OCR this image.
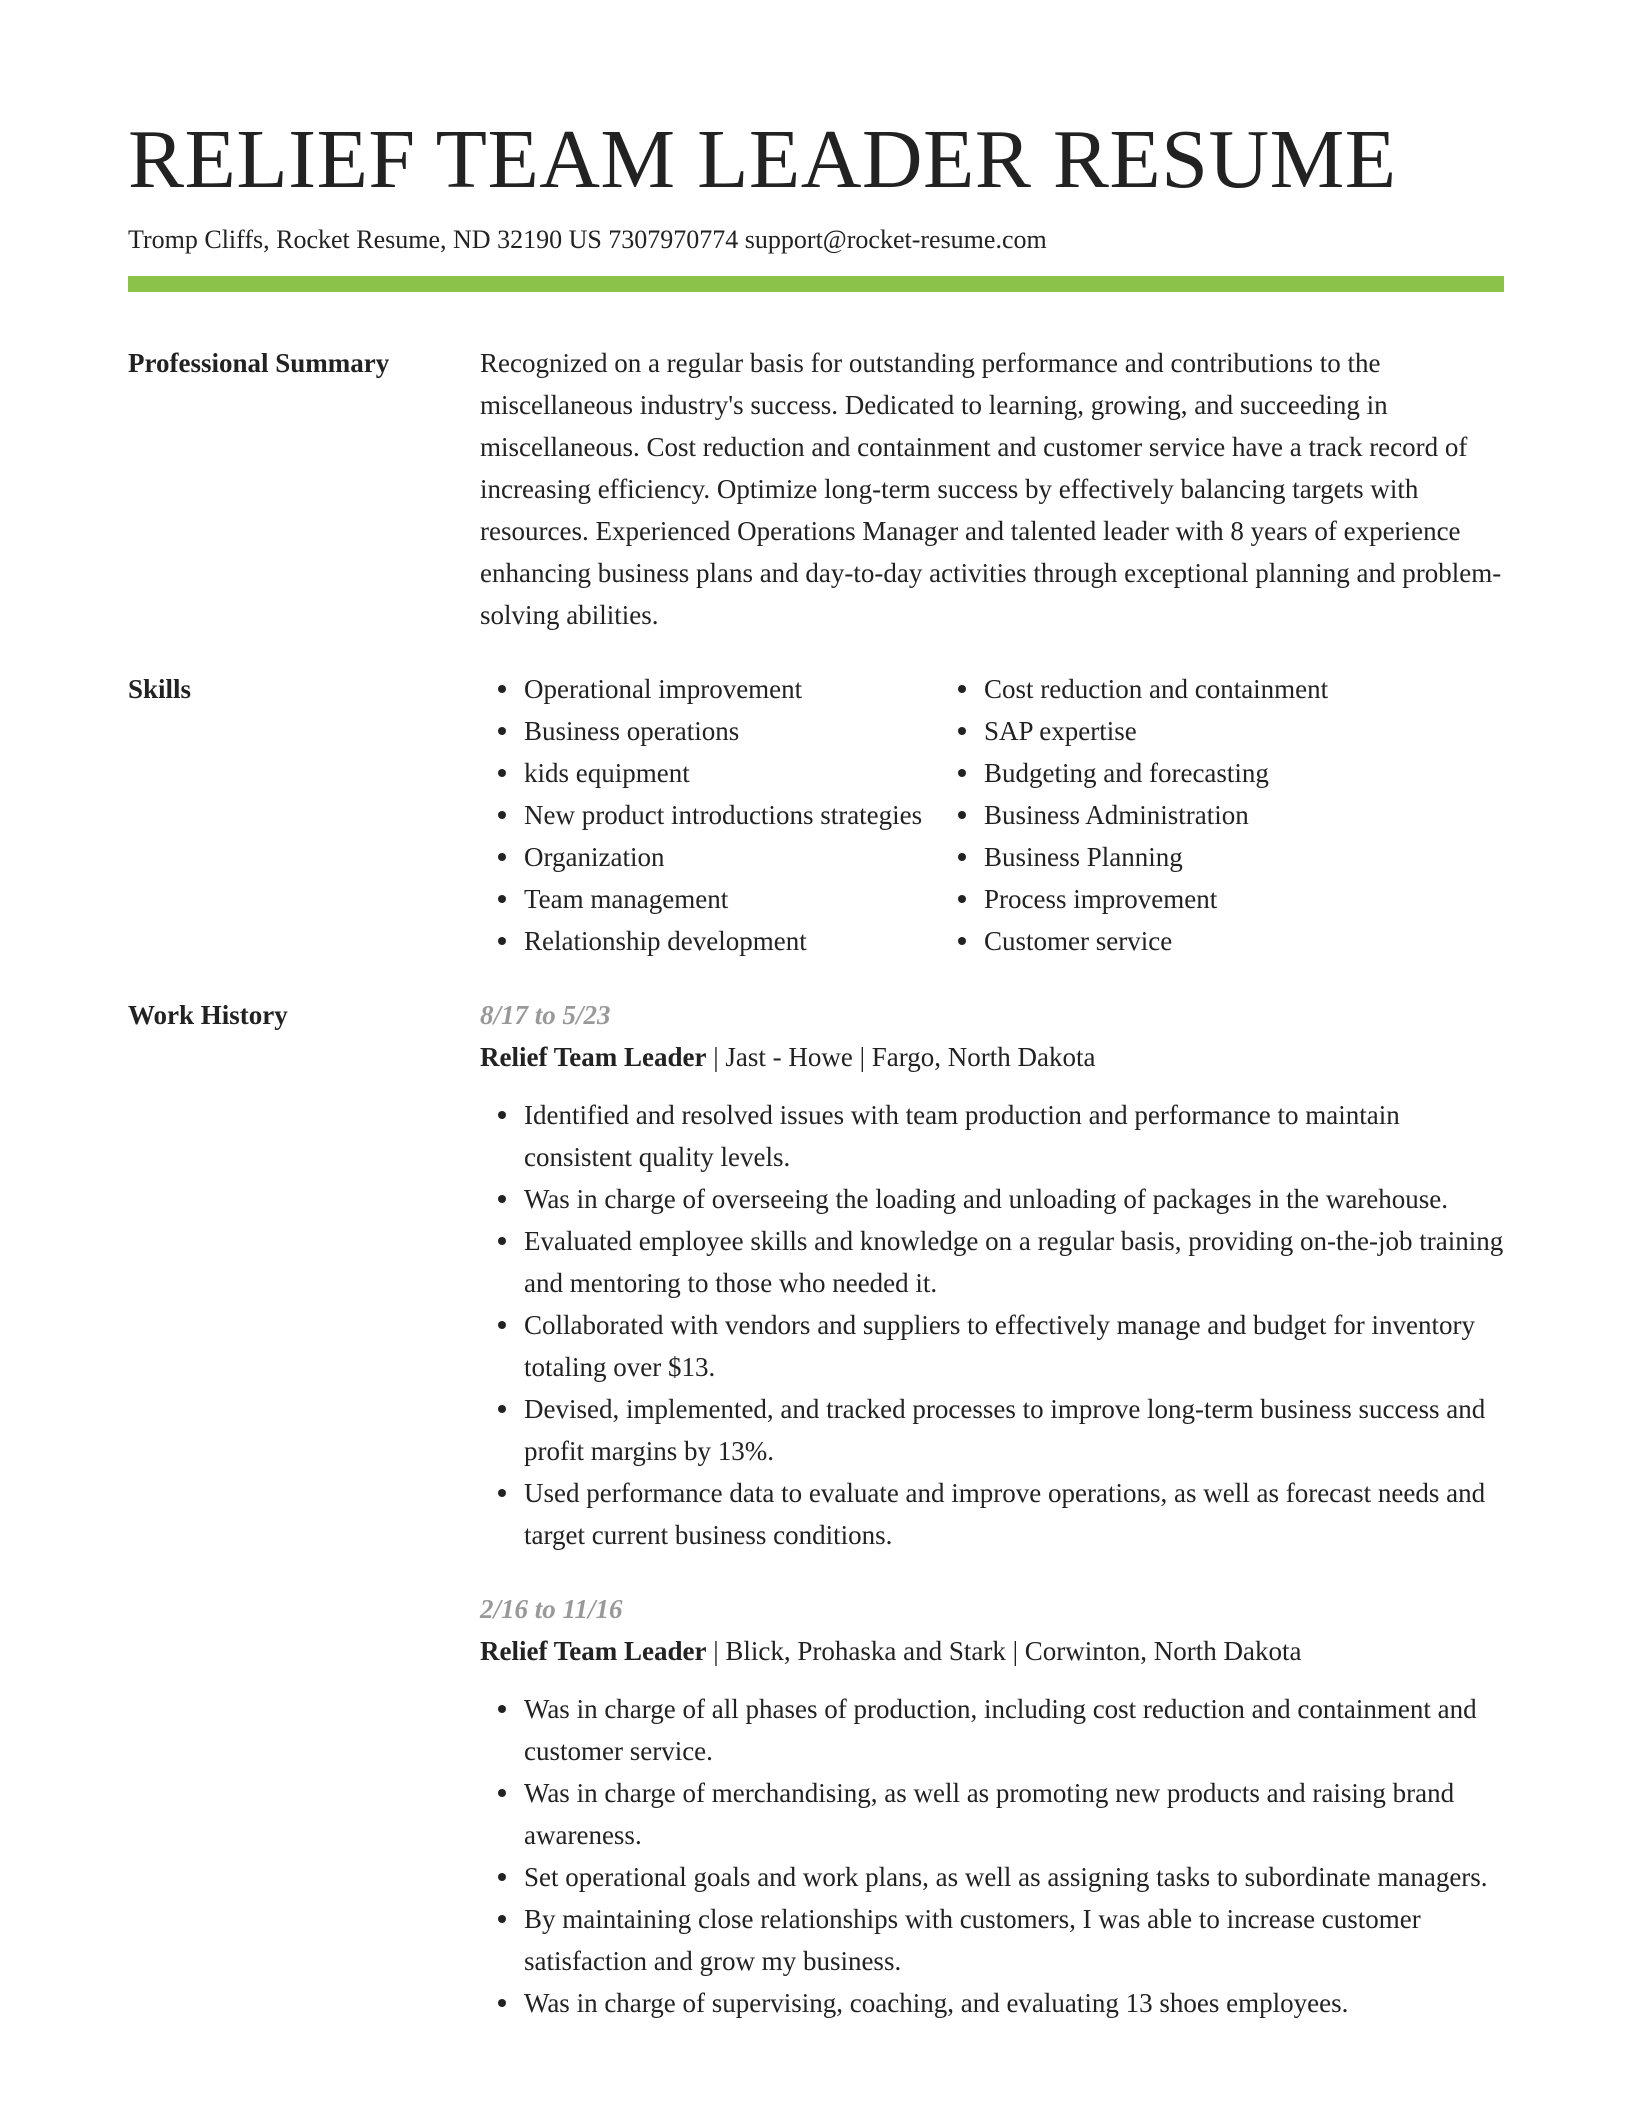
RELIEF TEAM LEADER RESUME
Tromp Cliffs, Rocket Resume, ND 32190 US 7307970774 support@rocket-resume.com
Professional Summary	Recognized on a regular basis for outstanding performance and contributions to the miscellaneous industry's success. Dedicated to learning, growing, and succeeding in miscellaneous. Cost reduction and containment and customer service have a track record of increasing efficiency. Optimize long-term success by effectively balancing targets with resources. Experienced Operations Manager and talented leader with 8 years of experience enhancing business plans and day-to-day activities through exceptional planning and problem-solving abilities.
Skills	Operational improvement
Business operations
kids equipment
New product introductions strategies
Organization
Team management
Relationship development
Cost reduction and containment
SAP expertise
Budgeting and forecasting
Business Administration
Business Planning
Process improvement
Customer service
Work History	8/17 to 5/23
Relief Team Leader | Jast - Howe | Fargo, North Dakota
Identified and resolved issues with team production and performance to maintain consistent quality levels.
Was in charge of overseeing the loading and unloading of packages in the warehouse.
Evaluated employee skills and knowledge on a regular basis, providing on-the-job training and mentoring to those who needed it.
Collaborated with vendors and suppliers to effectively manage and budget for inventory totaling over $13.
Devised, implemented, and tracked processes to improve long-term business success and profit margins by 13%.
Used performance data to evaluate and improve operations, as well as forecast needs and target current business conditions.
2/16 to 11/16
Relief Team Leader | Blick, Prohaska and Stark | Corwinton, North Dakota
Was in charge of all phases of production, including cost reduction and containment and customer service.
Was in charge of merchandising, as well as promoting new products and raising brand awareness.
Set operational goals and work plans, as well as assigning tasks to subordinate managers.
By maintaining close relationships with customers, I was able to increase customer satisfaction and grow my business.
Was in charge of supervising, coaching, and evaluating 13 shoes employees.
